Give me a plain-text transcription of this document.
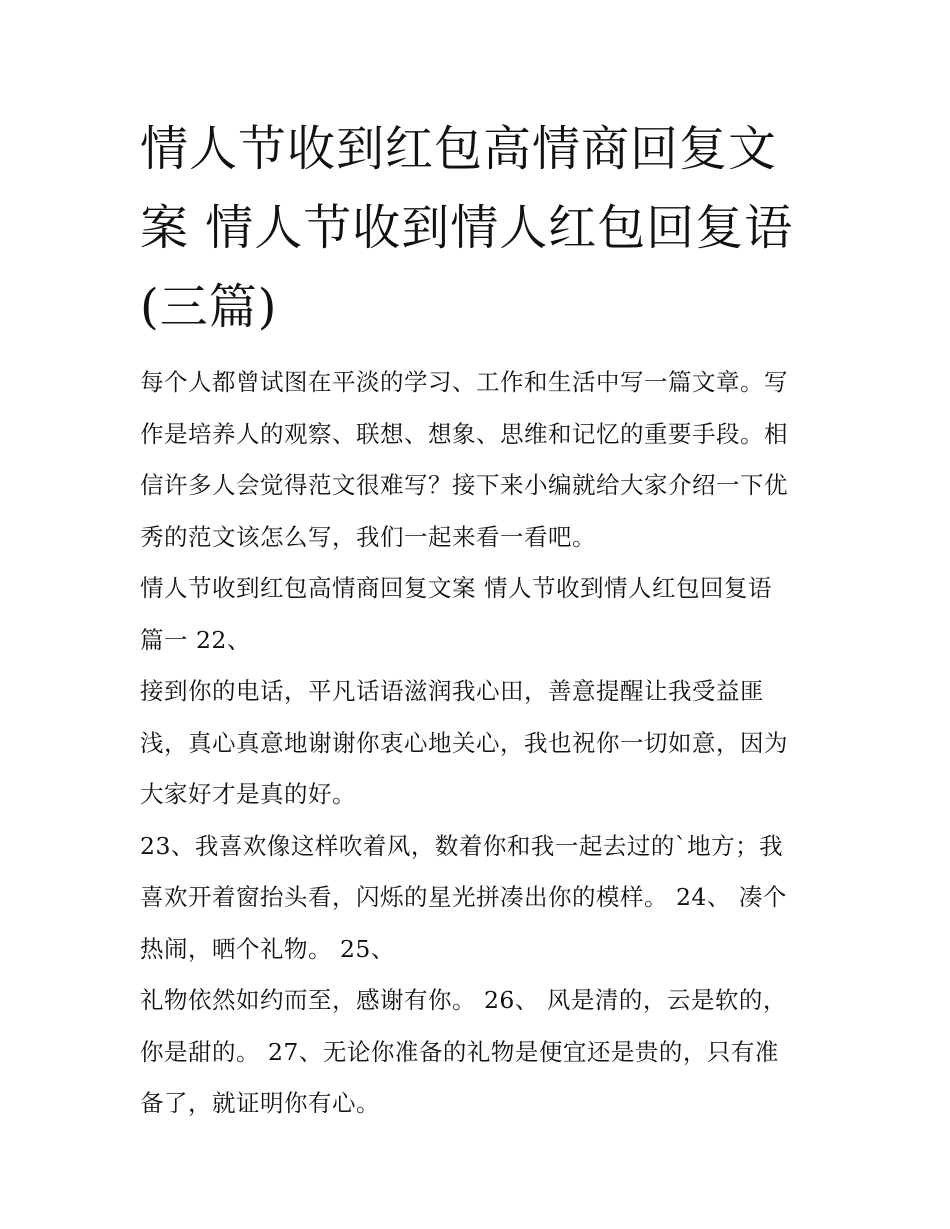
情人节收到红包高情商回复文
案 情人节收到情人红包回复语
(三篇)

每个人都曾试图在平淡的学习、工作和生活中写一篇文章。写
作是培养人的观察、联想、想象、思维和记忆的重要手段。相
信许多人会觉得范文很难写？接下来小编就给大家介绍一下优
秀的范文该怎么写，我们一起来看一看吧。

情人节收到红包高情商回复文案 情人节收到情人红包回复语
篇一 22、

接到你的电话，平凡话语滋润我心田，善意提醒让我受益匪
浅，真心真意地谢谢你衷心地关心，我也祝你一切如意，因为
大家好才是真的好。

23、我喜欢像这样吹着风，数着你和我一起去过的`地方；我
喜欢开着窗抬头看，闪烁的星光拼凑出你的模样。 24、 凑个
热闹，晒个礼物。 25、

礼物依然如约而至，感谢有你。 26、 风是清的，云是软的，
你是甜的。 27、无论你准备的礼物是便宜还是贵的，只有准
备了，就证明你有心。
